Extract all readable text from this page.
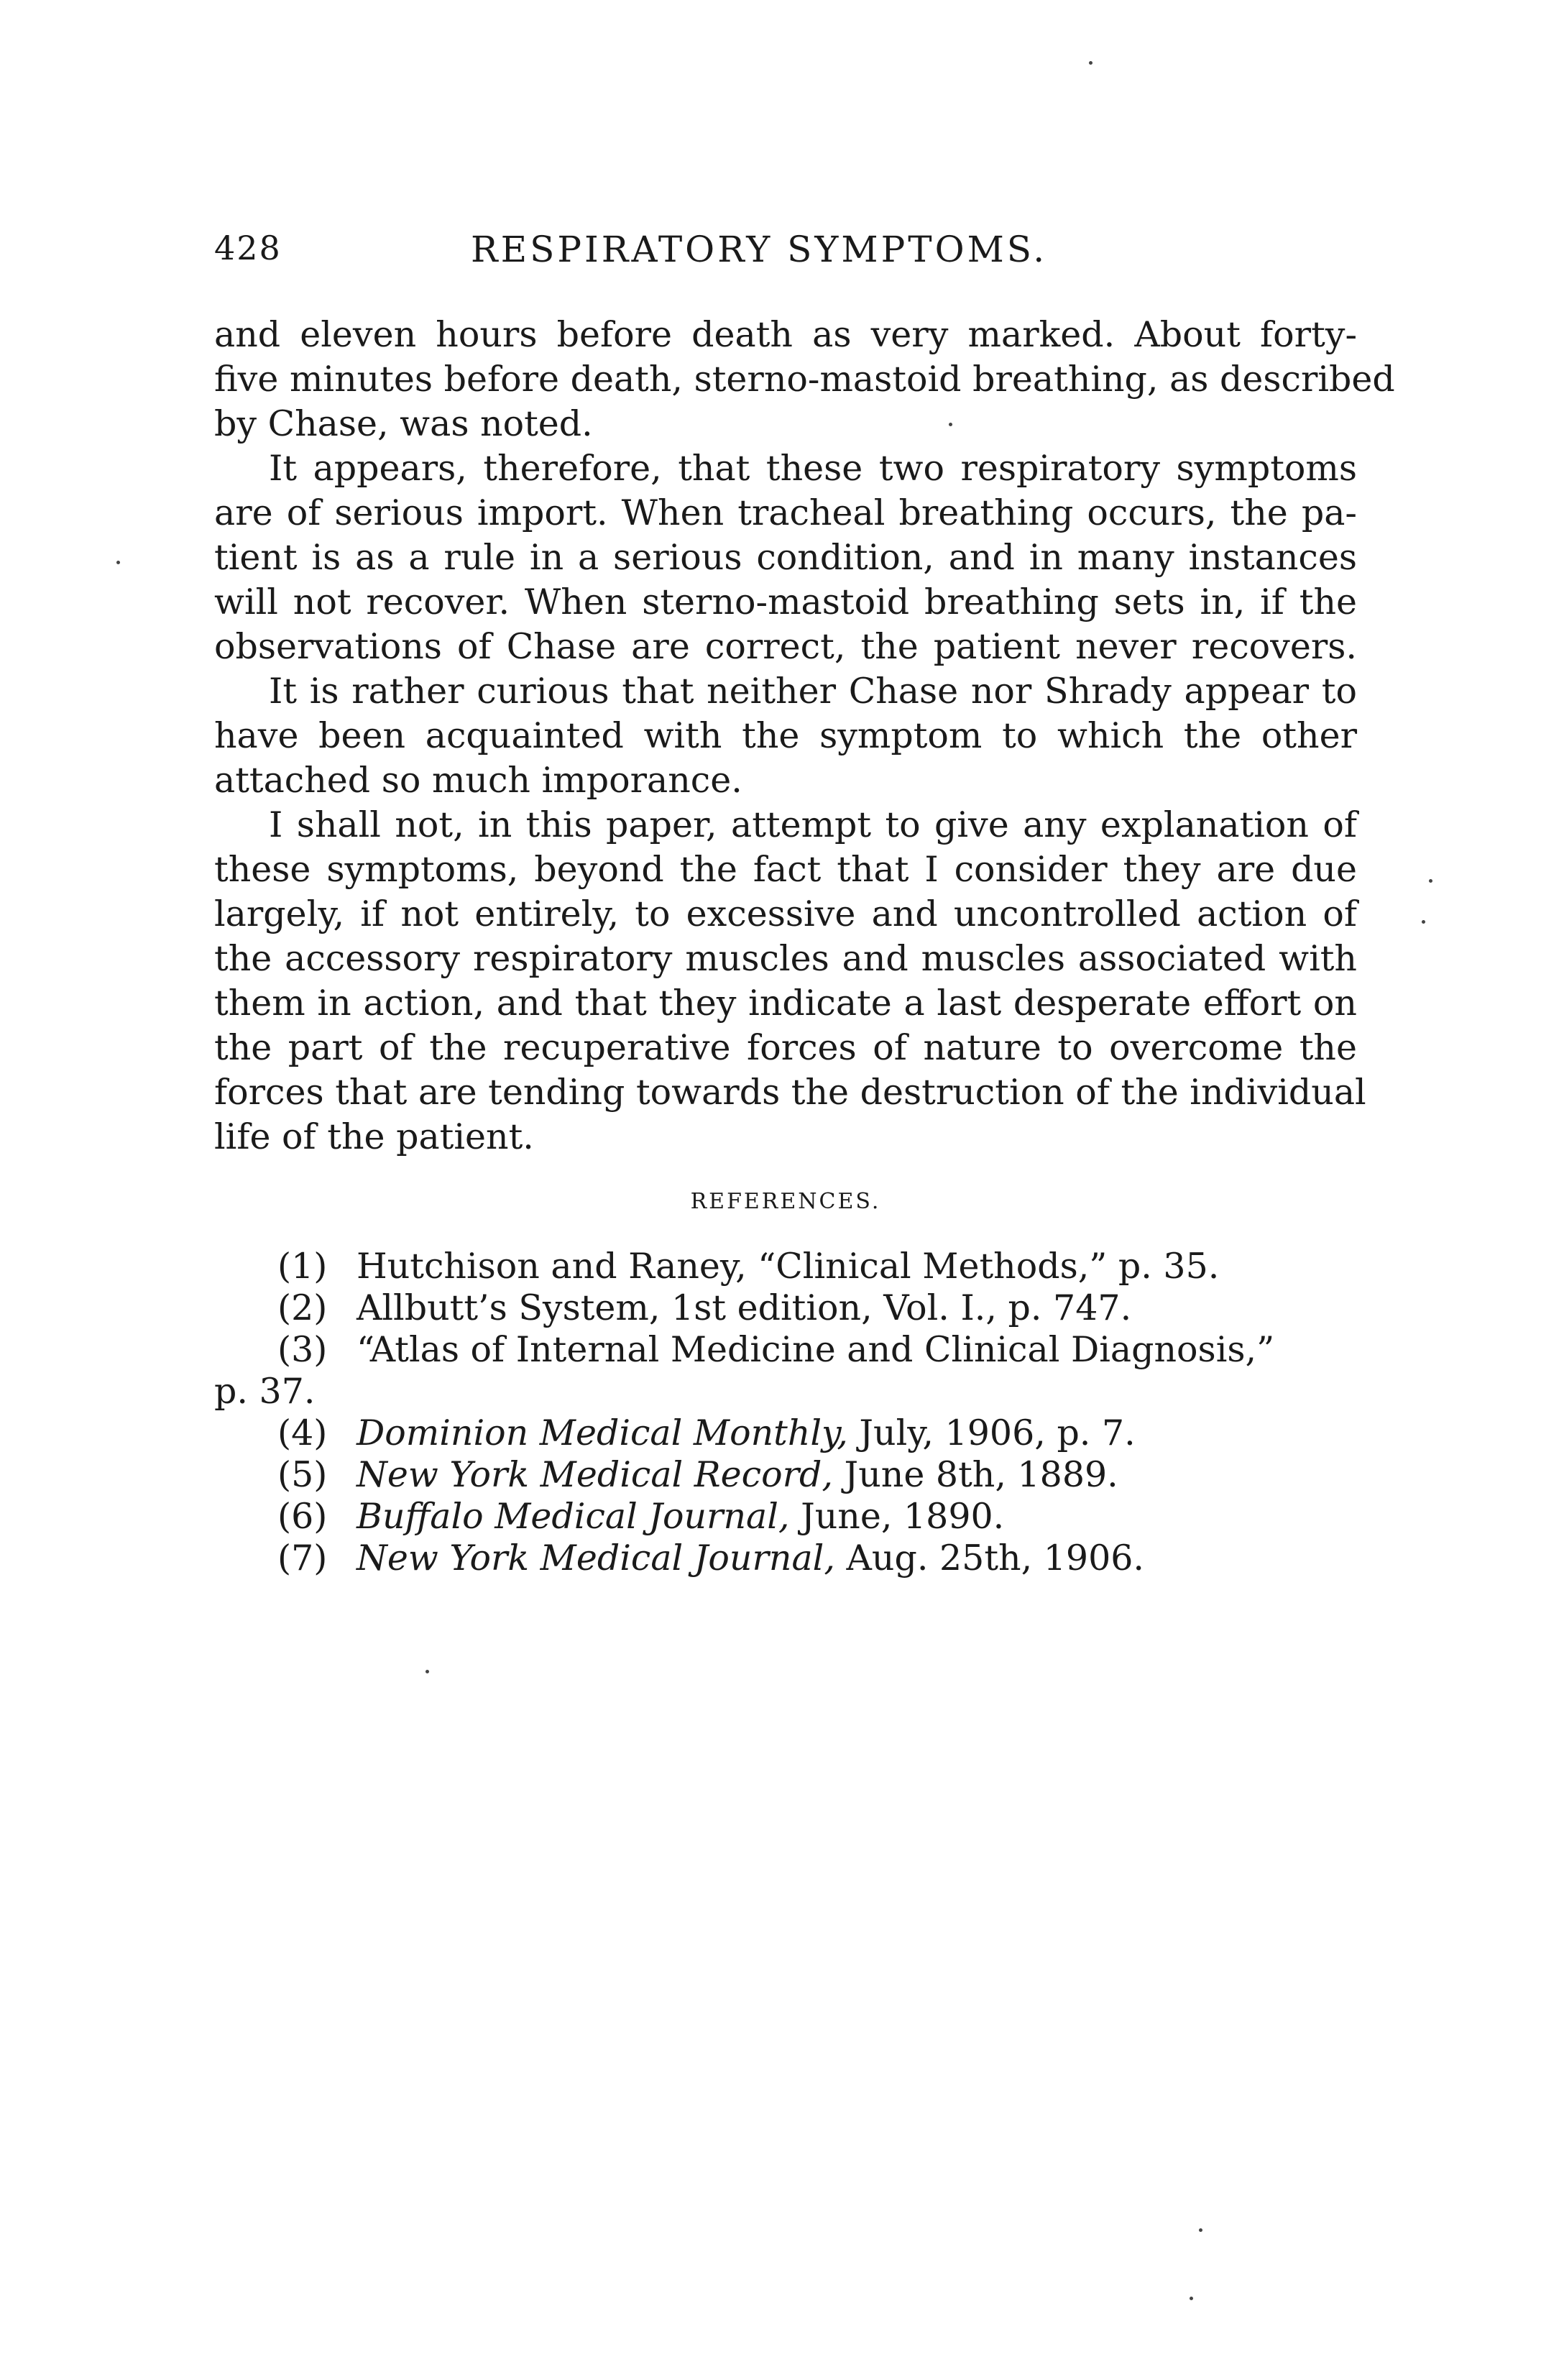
428	RESPIRATORY SYMPTOMS.
and eleven hours before death as very marked. About forty-
five minutes before death, sterno-mastoid breathing, as described
by Chase, was noted.
It appears, therefore, that these two respiratory symptoms
are of serious import. When tracheal breathing occurs, the pa-
tient is as a rule in a serious condition, and in many instances
will not recover. When sterno-mastoid breathing sets in, if the
observations of Chase are correct, the patient never recovers.
It is rather curious that neither Chase nor Shrady appear to
have been acquainted with the symptom to which the other
attached so much imporance.
I shall not, in this paper, attempt to give any explanation of
these symptoms, beyond the fact that I consider they are due
largely, if not entirely, to excessive and uncontrolled action of
the accessory respiratory muscles and muscles associated with
them in action, and that they indicate a last desperate effort on
the part of the recuperative forces of nature to overcome the
forces that are tending towards the destruction of the individual
life of the patient.
REFERENCES.
(1) Hutchison and Raney, “Clinical Methods,” p. 35.
(2) Allbutt’s System, 1st edition, Vol. I., p. 747.
(3) “Atlas of Internal Medicine and Clinical Diagnosis,”
p. 37.
(4) Dominion Medical Monthly, July, 1906, p. 7.
(5) New York Medical Record, June 8th, 1889.
(6) Buffalo Medical Journal, June, 1890.
(7) New York Medical Journal, Aug. 25th, 1906.
